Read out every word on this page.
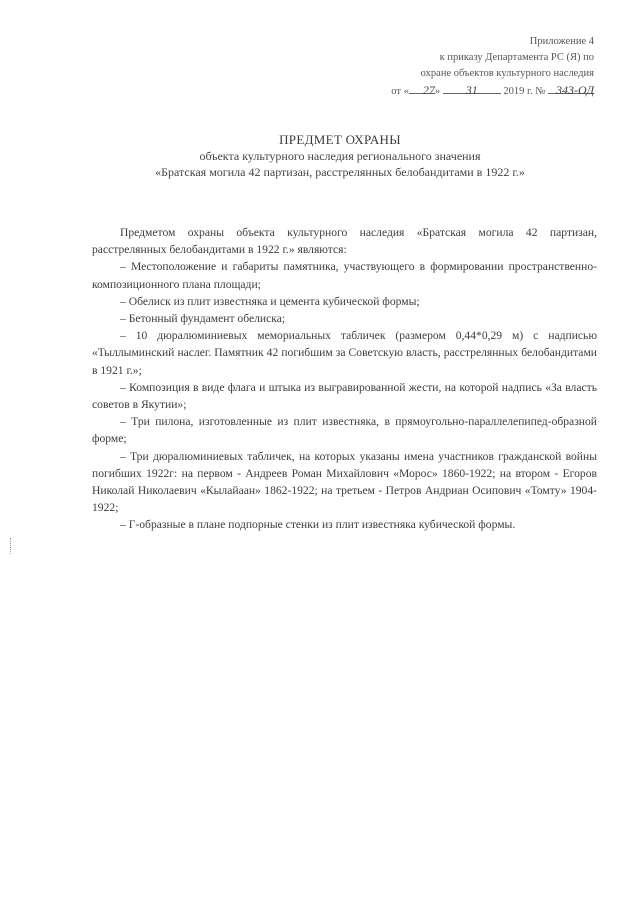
Приложение 4
к приказу Департамента РС (Я) по
охране объектов культурного наследия
от « 27» 31 2019 г. № 343-ОД
ПРЕДМЕТ ОХРАНЫ
объекта культурного наследия регионального значения
«Братская могила 42 партизан, расстрелянных белобандитами в 1922 г.»

Предметом охраны объекта культурного наследия «Братская могила 42 партизан, расстрелянных белобандитами в 1922 г.» являются:

– Местоположение и габариты памятника, участвующего в формировании пространственно-композиционного плана площади;

– Обелиск из плит известняка и цемента кубической формы;

– Бетонный фундамент обелиска;

– 10 дюралюминиевых мемориальных табличек (размером 0,44*0,29 м) с надписью «Тыллыминский наслег. Памятник 42 погибшим за Советскую власть, расстрелянных белобандитами в 1921 г.»;

– Композиция в виде флага и штыка из выгравированной жести, на которой надпись «За власть советов в Якутии»;

– Три пилона, изготовленные из плит известняка, в прямоугольно-параллелепипед-образной форме;

– Три дюралюминиевых табличек, на которых указаны имена участников гражданской войны погибших 1922г: на первом - Андреев Роман Михайлович «Морос» 1860-1922; на втором - Егоров Николай Николаевич «Кылайаан» 1862-1922; на третьем - Петров Андриан Осипович «Томту» 1904-1922;

– Г-образные в плане подпорные стенки из плит известняка кубической формы.
